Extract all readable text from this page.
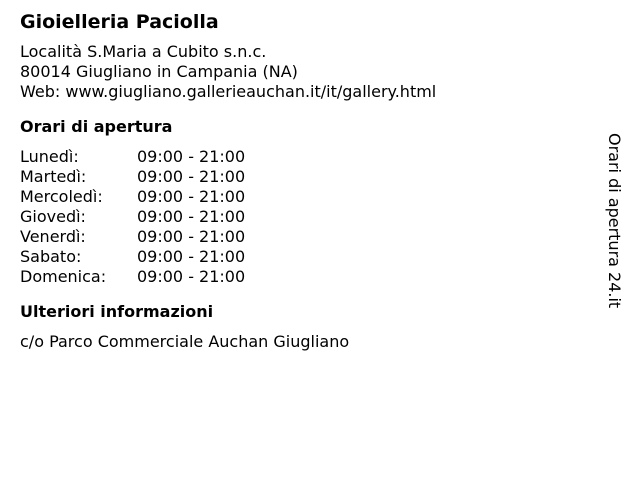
Gioielleria Paciolla
Località S.Maria a Cubito s.n.c.
80014 Giugliano in Campania (NA)
Web: www.giugliano.gallerieauchan.it/it/gallery.html
Orari di apertura
Lunedì:	09:00 - 21:00
Martedì:	09:00 - 21:00
Mercoledì:	09:00 - 21:00
Giovedì:	09:00 - 21:00
Venerdì:	09:00 - 21:00
Sabato:	09:00 - 21:00
Domenica:	09:00 - 21:00
Ulteriori informazioni
c/o Parco Commerciale Auchan Giugliano
Orari di apertura 24.it
